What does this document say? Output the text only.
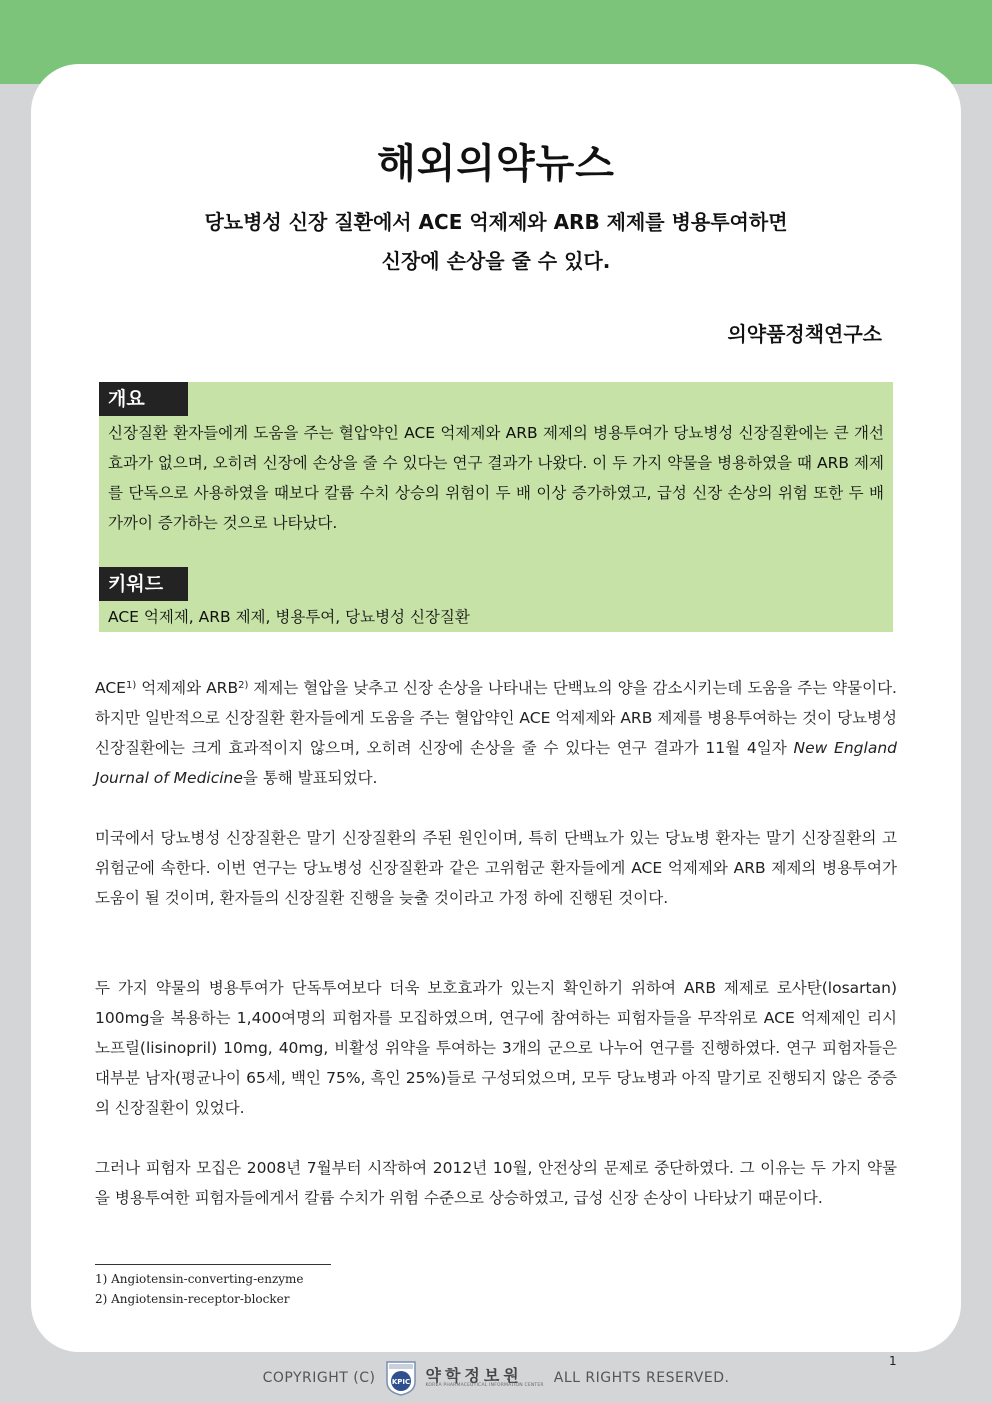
해외의약뉴스
당뇨병성 신장 질환에서 ACE 억제제와 ARB 제제를 병용투여하면
신장에 손상을 줄 수 있다.
의약품정책연구소
개요

신장질환 환자들에게 도움을 주는 혈압약인 ACE 억제제와 ARB 제제의 병용투여가 당뇨병성 신장질환에는 큰 개선효과가 없으며, 오히려 신장에 손상을 줄 수 있다는 연구 결과가 나왔다. 이 두 가지 약물을 병용하였을 때 ARB 제제를 단독으로 사용하였을 때보다 칼륨 수치 상승의 위험이 두 배 이상 증가하였고, 급성 신장 손상의 위험 또한 두 배 가까이 증가하는 것으로 나타났다.

키워드

ACE 억제제, ARB 제제, 병용투여, 당뇨병성 신장질환

ACE$^{1)}$ 억제제와 ARB$^{2)}$ 제제는 혈압을 낮추고 신장 손상을 나타내는 단백뇨의 양을 감소시키는데 도움을 주는 약물이다. 하지만 일반적으로 신장질환 환자들에게 도움을 주는 혈압약인 ACE 억제제와 ARB 제제를 병용투여하는 것이 당뇨병성 신장질환에는 크게 효과적이지 않으며, 오히려 신장에 손상을 줄 수 있다는 연구 결과가 11월 4일자 New England Journal of Medicine을 통해 발표되었다.

미국에서 당뇨병성 신장질환은 말기 신장질환의 주된 원인이며, 특히 단백뇨가 있는 당뇨병 환자는 말기 신장질환의 고위험군에 속한다. 이번 연구는 당뇨병성 신장질환과 같은 고위험군 환자들에게 ACE 억제제와 ARB 제제의 병용투여가 도움이 될 것이며, 환자들의 신장질환 진행을 늦출 것이라고 가정 하에 진행된 것이다.

두 가지 약물의 병용투여가 단독투여보다 더욱 보호효과가 있는지 확인하기 위하여 ARB 제제로 로사탄(losartan) 100mg을 복용하는 1,400여명의 피험자를 모집하였으며, 연구에 참여하는 피험자들을 무작위로 ACE 억제제인 리시노프릴(lisinopril) 10mg, 40mg, 비활성 위약을 투여하는 3개의 군으로 나누어 연구를 진행하였다. 연구 피험자들은 대부분 남자(평균나이 65세, 백인 75%, 흑인 25%)들로 구성되었으며, 모두 당뇨병과 아직 말기로 진행되지 않은 중증의 신장질환이 있었다.

그러나 피험자 모집은 2008년 7월부터 시작하여 2012년 10월, 안전상의 문제로 중단하였다. 그 이유는 두 가지 약물을 병용투여한 피험자들에게서 칼륨 수치가 위험 수준으로 상승하였고, 급성 신장 손상이 나타났기 때문이다.

1) Angiotensin-converting-enzyme
2) Angiotensin-receptor-blocker
1
COPYRIGHT (C) KPIC 약학정보원
KOREA PHARMACEUTICAL INFORMATION CENTER ALL RIGHTS RESERVED.
